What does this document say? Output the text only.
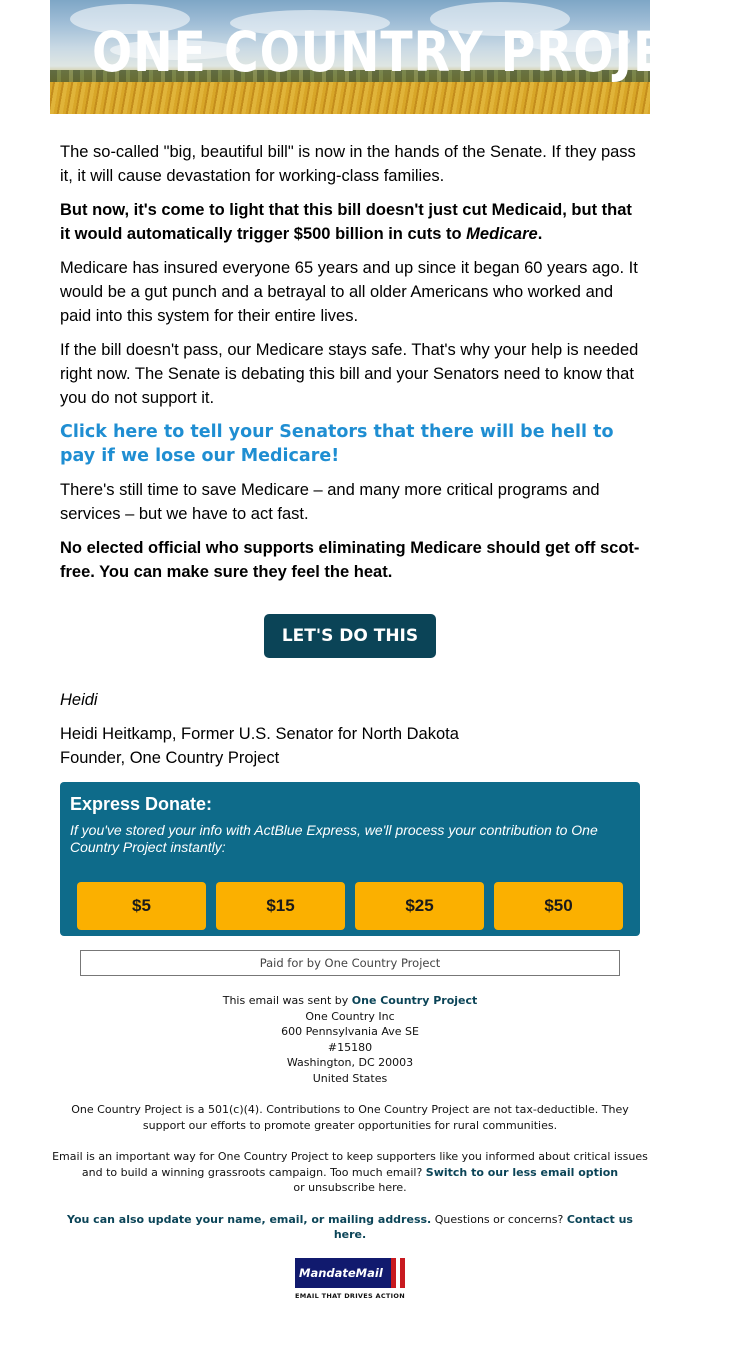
ONE COUNTRY PROJECT

The so-called "big, beautiful bill" is now in the hands of the Senate. If they pass it, it will cause devastation for working-class families.

But now, it's come to light that this bill doesn't just cut Medicaid, but that it would automatically trigger $500 billion in cuts to Medicare.

Medicare has insured everyone 65 years and up since it began 60 years ago. It would be a gut punch and a betrayal to all older Americans who worked and paid into this system for their entire lives.

If the bill doesn't pass, our Medicare stays safe. That's why your help is needed right now. The Senate is debating this bill and your Senators need to know that you do not support it.

Click here to tell your Senators that there will be hell to pay if we lose our Medicare!

There's still time to save Medicare – and many more critical programs and services – but we have to act fast.

No elected official who supports eliminating Medicare should get off scot-free. You can make sure they feel the heat.

LET'S DO THIS

Heidi

Heidi Heitkamp, Former U.S. Senator for North Dakota
Founder, One Country Project

Express Donate:
If you've stored your info with ActBlue Express, we'll process your contribution to One Country Project instantly:
$5	$15	$25	$50
Paid for by One Country Project
This email was sent by One Country Project
One Country Inc
600 Pennsylvania Ave SE
#15180
Washington, DC 20003
United States
One Country Project is a 501(c)(4). Contributions to One Country Project are not tax-deductible. They support our efforts to promote greater opportunities for rural communities.
Email is an important way for One Country Project to keep supporters like you informed about critical issues and to build a winning grassroots campaign. Too much email? Switch to our less email option
or unsubscribe here.
You can also update your name, email, or mailing address. Questions or concerns? Contact us here.
MandateMail
EMAIL THAT DRIVES ACTION
